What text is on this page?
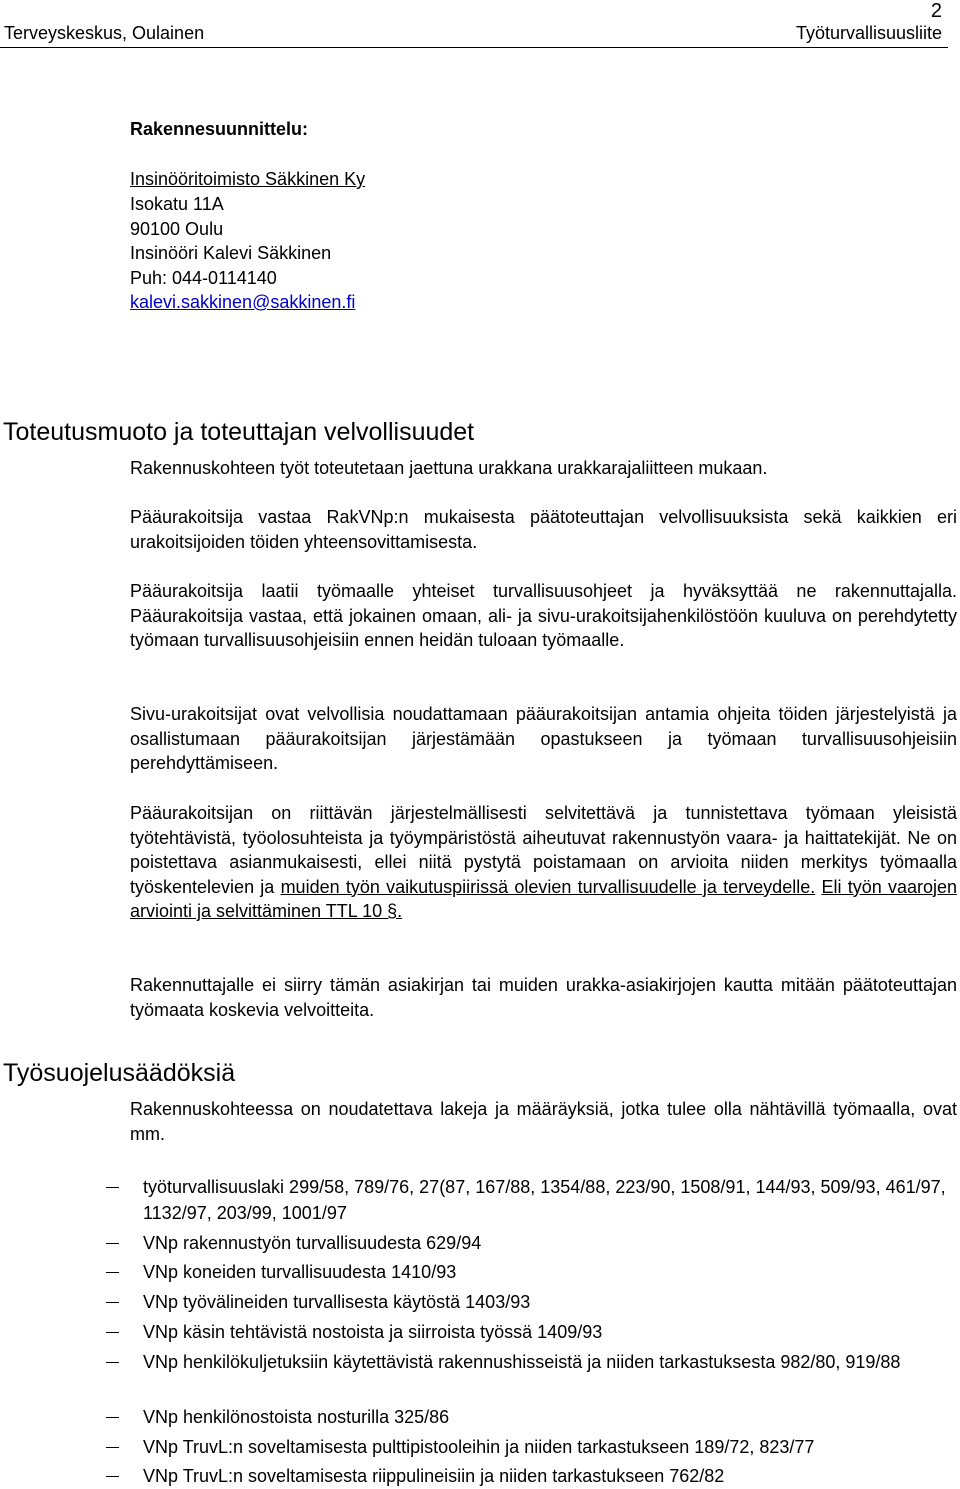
2
Terveyskeskus, Oulainen	Työturvallisuusliite
Rakennesuunnittelu:
Insinööritoimisto Säkkinen Ky
Isokatu 11A
90100 Oulu
Insinööri Kalevi Säkkinen
Puh: 044-0114140
kalevi.sakkinen@sakkinen.fi
Toteutusmuoto ja toteuttajan velvollisuudet
Rakennuskohteen työt toteutetaan jaettuna urakkana urakkarajaliitteen mukaan.
Pääurakoitsija vastaa RakVNp:n mukaisesta päätoteuttajan velvollisuuksista sekä kaikkien eri urakoitsijoiden töiden yhteensovittamisesta.
Pääurakoitsija laatii työmaalle yhteiset turvallisuusohjeet ja hyväksyttää ne rakennuttajalla. Pääurakoitsija vastaa, että jokainen omaan, ali- ja sivu-urakoitsijahenkilöstöön kuuluva on perehdytetty työmaan turvallisuusohjeisiin ennen heidän tuloaan työmaalle.
Sivu-urakoitsijat ovat velvollisia noudattamaan pääurakoitsijan antamia ohjeita töiden järjestelyistä ja osallistumaan pääurakoitsijan järjestämään opastukseen ja työmaan turvallisuusohjeisiin perehdyttämiseen.
Pääurakoitsijan on riittävän järjestelmällisesti selvitettävä ja tunnistettava työmaan yleisistä työtehtävistä, työolosuhteista ja työympäristöstä aiheutuvat rakennustyön vaara- ja haittatekijät. Ne on poistettava asianmukaisesti, ellei niitä pystytä poistamaan on arvioita niiden merkitys työmaalla työskentelevien ja muiden työn vaikutuspiirissä olevien turvallisuudelle ja terveydelle. Eli työn vaarojen arviointi ja selvittäminen TTL 10 §.
Rakennuttajalle ei siirry tämän asiakirjan tai muiden urakka-asiakirjojen kautta mitään päätoteuttajan työmaata koskevia velvoitteita.
Työsuojelusäädöksiä
Rakennuskohteessa on noudatettava lakeja ja määräyksiä, jotka tulee olla nähtävillä työmaalla, ovat mm.
työturvallisuuslaki 299/58, 789/76, 27(87, 167/88, 1354/88, 223/90, 1508/91, 144/93, 509/93, 461/97, 1132/97, 203/99, 1001/97
VNp rakennustyön turvallisuudesta 629/94
VNp koneiden turvallisuudesta 1410/93
VNp työvälineiden turvallisesta käytöstä 1403/93
VNp käsin tehtävistä nostoista ja siirroista työssä 1409/93
VNp henkilökuljetuksiin käytettävistä rakennushisseistä ja niiden tarkastuksesta 982/80, 919/88
VNp henkilönostoista nosturilla 325/86
VNp TruvL:n soveltamisesta pulttipistooleihin ja niiden tarkastukseen 189/72, 823/77
VNp TruvL:n soveltamisesta riippulineisiin ja niiden tarkastukseen 762/82
